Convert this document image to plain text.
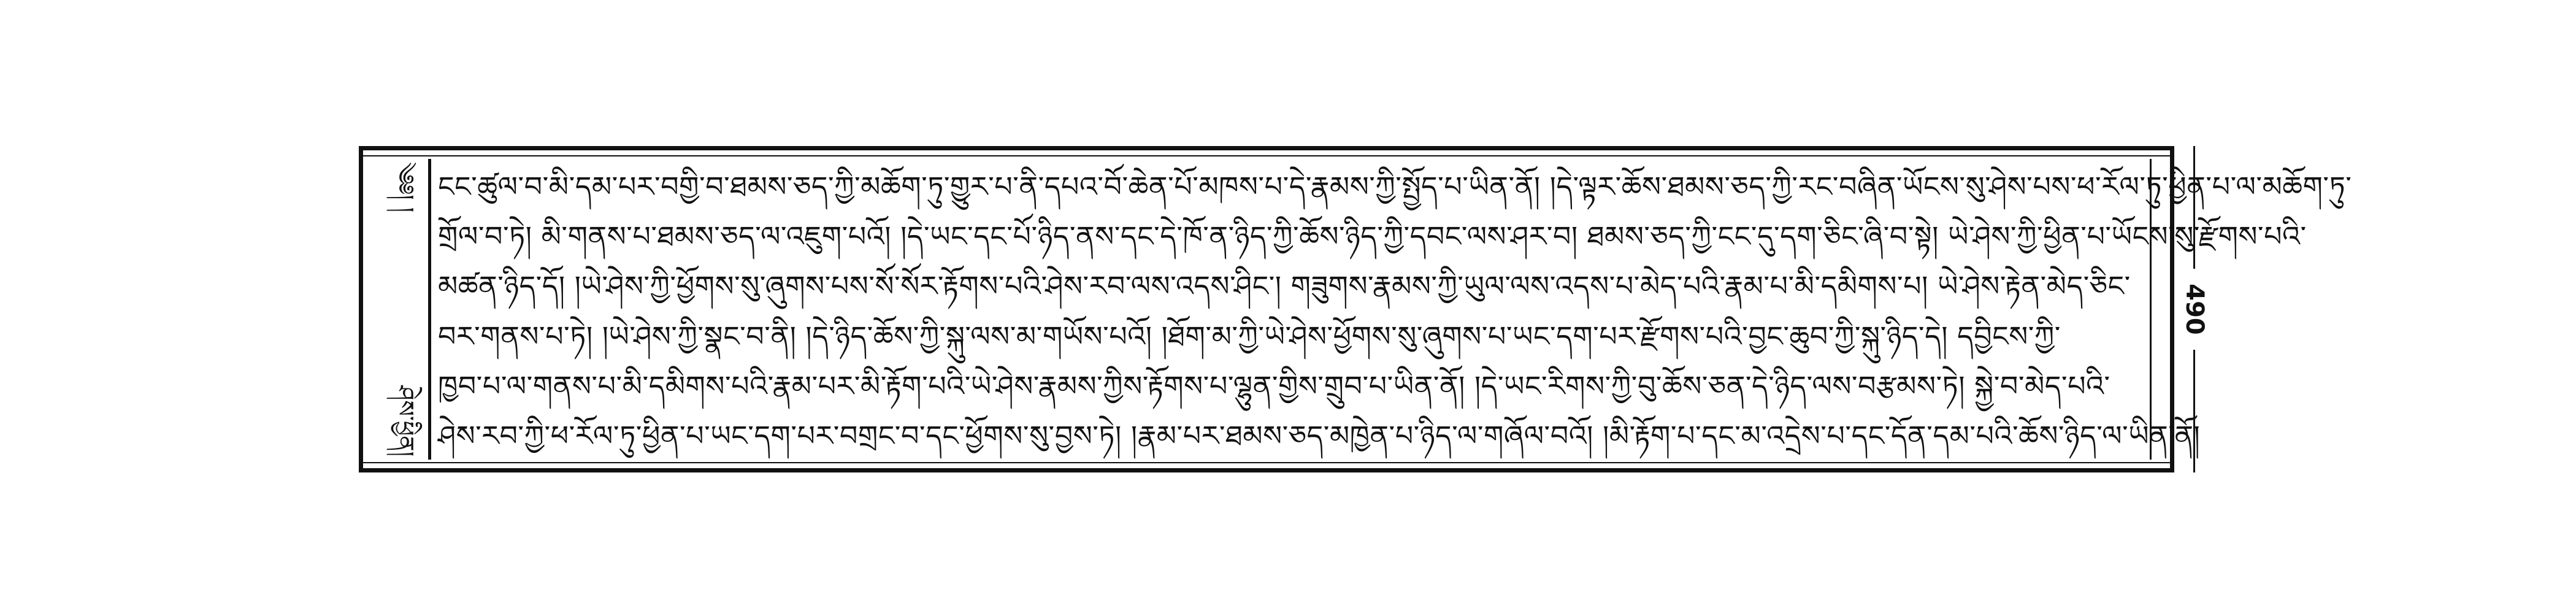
༄༅། །
ཤེས་ཕྱིན།
ངང་ཚུལ་བ་མི་དམ་པར་བགྱི་བ་ཐམས་ཅད་ཀྱི་མཆོག་ཏུ་གྱུར་པ་ནི་དཔའ་བོ་ཆེན་པོ་མཁས་པ་དེ་རྣམས་ཀྱི་སྤྱོད་པ་ཡིན་ནོ། །དེ་ལྟར་ཆོས་ཐམས་ཅད་ཀྱི་རང་བཞིན་ཡོངས་སུ་ཤེས་པས་ཕ་རོལ་ཏུ་ཕྱིན་པ་ལ་མཆོག་ཏུ་
གྲོལ་བ་ཏེ། མི་གནས་པ་ཐམས་ཅད་ལ་འཇུག་པའོ། །དེ་ཡང་དང་པོ་ཉིད་ནས་དང་དེ་ཁོ་ན་ཉིད་ཀྱི་ཆོས་ཉིད་ཀྱི་དབང་ལས་ཤར་བ། ཐམས་ཅད་ཀྱི་ངང་དུ་དག་ཅིང་ཞི་བ་སྟེ། ཡེ་ཤེས་ཀྱི་ཕྱིན་པ་ཡོངས་སུ་རྫོགས་པའི་
མཚན་ཉིད་དོ། །ཡེ་ཤེས་ཀྱི་ཕྱོགས་སུ་ཞུགས་པས་སོ་སོར་རྟོགས་པའི་ཤེས་རབ་ལས་འདས་ཤིང་། གཟུགས་རྣམས་ཀྱི་ཡུལ་ལས་འདས་པ་མེད་པའི་རྣམ་པ་མི་དམིགས་པ། ཡེ་ཤེས་རྟེན་མེད་ཅིང་
བར་གནས་པ་ཏེ། །ཡེ་ཤེས་ཀྱི་སྣང་བ་ནི། །དེ་ཉིད་ཆོས་ཀྱི་སྐུ་ལས་མ་གཡོས་པའོ། །ཐོག་མ་ཀྱི་ཡེ་ཤེས་ཕྱོགས་སུ་ཞུགས་པ་ཡང་དག་པར་རྫོགས་པའི་བྱང་ཆུབ་ཀྱི་སྐུ་ཉིད་དེ། དབྱིངས་ཀྱི་
ཁྱབ་པ་ལ་གནས་པ་མི་དམིགས་པའི་རྣམ་པར་མི་རྟོག་པའི་ཡེ་ཤེས་རྣམས་ཀྱིས་རྟོགས་པ་ལྷུན་གྱིས་གྲུབ་པ་ཡིན་ནོ། །དེ་ཡང་རིགས་ཀྱི་བུ་ཆོས་ཅན་དེ་ཉིད་ལས་བརྩམས་ཏེ། སྐྱེ་བ་མེད་པའི་
ཤེས་རབ་ཀྱི་ཕ་རོལ་ཏུ་ཕྱིན་པ་ཡང་དག་པར་བགྲང་བ་དང་ཕྱོགས་སུ་བྱས་ཏེ། །རྣམ་པར་ཐམས་ཅད་མཁྱེན་པ་ཉིད་ལ་གཞོལ་བའོ། །མི་རྟོག་པ་དང་མ་འདྲེས་པ་དང་དོན་དམ་པའི་ཆོས་ཉིད་ལ་ཡིན་ནོ།
490
